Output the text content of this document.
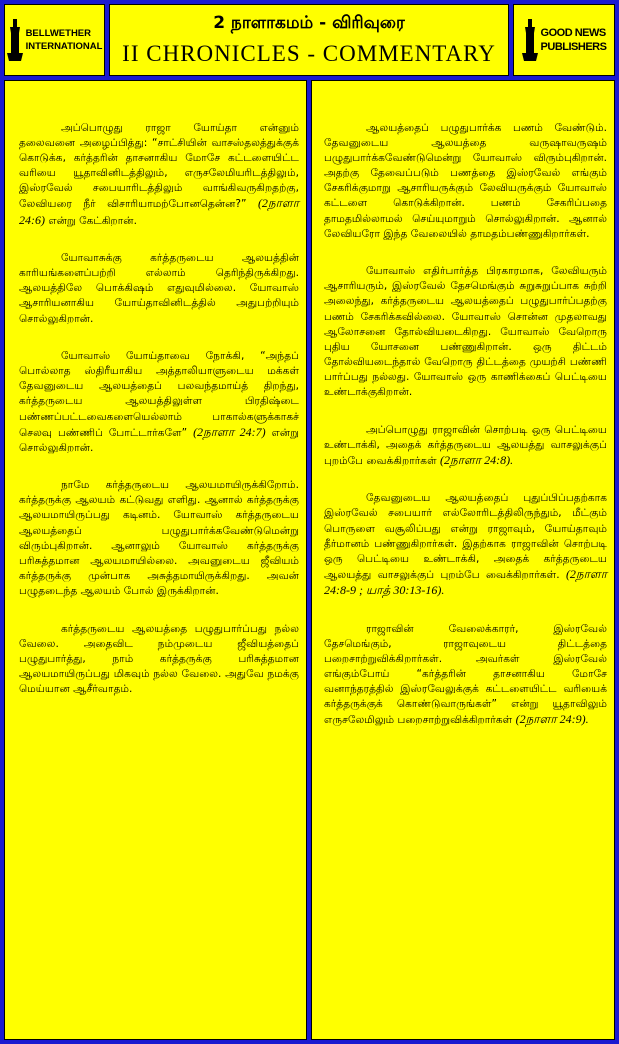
BELLWETHER
INTERNATIONAL
2 நாளாகமம் - விரிவுரை
II CHRONICLES - COMMENTARY
GOOD NEWS
PUBLISHERS

அப்பொழுது ராஜா யோய்தா என்னும் தலைவனை அழைப்பித்து: “சாட்சியின் வாசஸ்தலத்துக்குக் கொடுக்க, கர்த்தரின் தாசனாகிய மோசே கட்டளையிட்ட வரியை யூதாவினிடத்திலும், எருசலேமியரிடத்திலும், இஸ்ரவேல் சபையாரிடத்திலும் வாங்கிவருகிறதற்கு, லேவியரை நீர் விசாரியாமற்போனதென்ன?” (2நாளா 24:6) என்று கேட்கிறான்.

யோவாசுக்கு கர்த்தருடைய ஆலயத்தின் காரியங்களைப்பற்றி எல்லாம் தெரிந்திருக்கிறது. ஆலயத்திலே பொக்கிஷம் எதுவுமில்லை. யோவாஸ் ஆசாரியனாகிய யோய்தாவினிடத்தில் அதுபற்றியும் சொல்லுகிறான்.

யோவாஸ் யோய்தாவை நோக்கி, “அந்தப் பொல்லாத ஸ்திரீயாகிய அத்தாலியாளுடைய மக்கள் தேவனுடைய ஆலயத்தைப் பலவந்தமாய்த் திறந்து, கர்த்தருடைய ஆலயத்திலுள்ள பிரதிஷ்டை பண்ணப்பட்டவைகளையெல்லாம் பாகால்களுக்காகச் செலவு பண்ணிப் போட்டார்களே” (2நாளா 24:7) என்று சொல்லுகிறான்.

நாமே கர்த்தருடைய ஆலயமாயிருக்கிறோம். கர்த்தருக்கு ஆலயம் கட்டுவது எளிது. ஆனால் கர்த்தருக்கு ஆலயமாயிருப்பது கடினம். யோவாஸ் கர்த்தருடைய ஆலயத்தைப் பழுதுபார்க்கவேண்டுமென்று விரும்புகிறான். ஆனாலும் யோவாஸ் கர்த்தருக்கு பரிசுத்தமான ஆலயமாயில்லை. அவனுடைய ஜீவியம் கர்த்தருக்கு முன்பாக அசுத்தமாயிருக்கிறது. அவன் பழுதடைந்த ஆலயம் போல் இருக்கிறான்.

கர்த்தருடைய ஆலயத்தை பழுதுபார்ப்பது நல்ல வேலை. அதைவிட நம்முடைய ஜீவியத்தைப் பழுதுபார்த்து, நாம் கர்த்தருக்கு பரிசுத்தமான ஆலயமாயிருப்பது மிகவும் நல்ல வேலை. அதுவே நமக்கு மெய்யான ஆசீர்வாதம்.

ஆலயத்தைப் பழுதுபார்க்க பணம் வேண்டும். தேவனுடைய ஆலயத்தை வருஷாவருஷம் பழுதுபார்க்கவேண்டுமென்று யோவாஸ் விரும்புகிறான். அதற்கு தேவைப்படும் பணத்தை இஸ்ரவேல் எங்கும் சேகரிக்குமாறு ஆசாரியருக்கும் லேவியருக்கும் யோவாஸ் கட்டளை கொடுக்கிறான். பணம் சேகரிப்பதை தாமதமில்லாமல் செய்யுமாறும் சொல்லுகிறான். ஆனால் லேவியரோ இந்த வேலையில் தாமதம்பண்ணுகிறார்கள்.

யோவாஸ் எதிர்பார்த்த பிரகாரமாக, லேவியரும் ஆசாரியரும், இஸ்ரவேல் தேசமெங்கும் சுறுசுறுப்பாக சுற்றி அலைந்து, கர்த்தருடைய ஆலயத்தைப் பழுதுபார்ப்பதற்கு பணம் சேகரிக்கவில்லை. யோவாஸ் சொன்ன முதலாவது ஆலோசனை தோல்வியடைகிறது. யோவாஸ் வேறொரு புதிய யோசனை பண்ணுகிறான். ஒரு திட்டம் தோல்வியடைந்தால் வேறொரு திட்டத்தை முயற்சி பண்ணி பார்ப்பது நல்லது. யோவாஸ் ஒரு காணிக்கைப் பெட்டியை உண்டாக்குகிறான்.

அப்பொழுது ராஜாவின் சொற்படி ஒரு பெட்டியை உண்டாக்கி, அதைக் கர்த்தருடைய ஆலயத்து வாசலுக்குப் புறம்பே வைக்கிறார்கள் (2நாளா 24:8).

தேவனுடைய ஆலயத்தைப் புதுப்பிப்பதற்காக இஸ்ரவேல் சபையார் எல்லோரிடத்திலிருந்தும், மீட்கும் பொருளை வசூலிப்பது என்று ராஜாவும், யோய்தாவும் தீர்மானம் பண்ணுகிறார்கள். இதற்காக ராஜாவின் சொற்படி ஒரு பெட்டியை உண்டாக்கி, அதைக் கர்த்தருடைய ஆலயத்து வாசலுக்குப் புறம்பே வைக்கிறார்கள். (2நாளா 24:8-9 ; யாத் 30:13-16).

ராஜாவின் வேலைக்காரர், இஸ்ரவேல் தேசமெங்கும், ராஜாவுடைய திட்டத்தை பறைசாற்றுவிக்கிறார்கள். அவர்கள் இஸ்ரவேல் எங்கும்போய் “கர்த்தரின் தாசனாகிய மோசே வனாந்தரத்தில் இஸ்ரவேலுக்குக் கட்டளையிட்ட வரியைக் கர்த்தருக்குக் கொண்டுவாருங்கள்” என்று யூதாவிலும் எருசலேமிலும் பறைசாற்றுவிக்கிறார்கள் (2நாளா 24:9).
